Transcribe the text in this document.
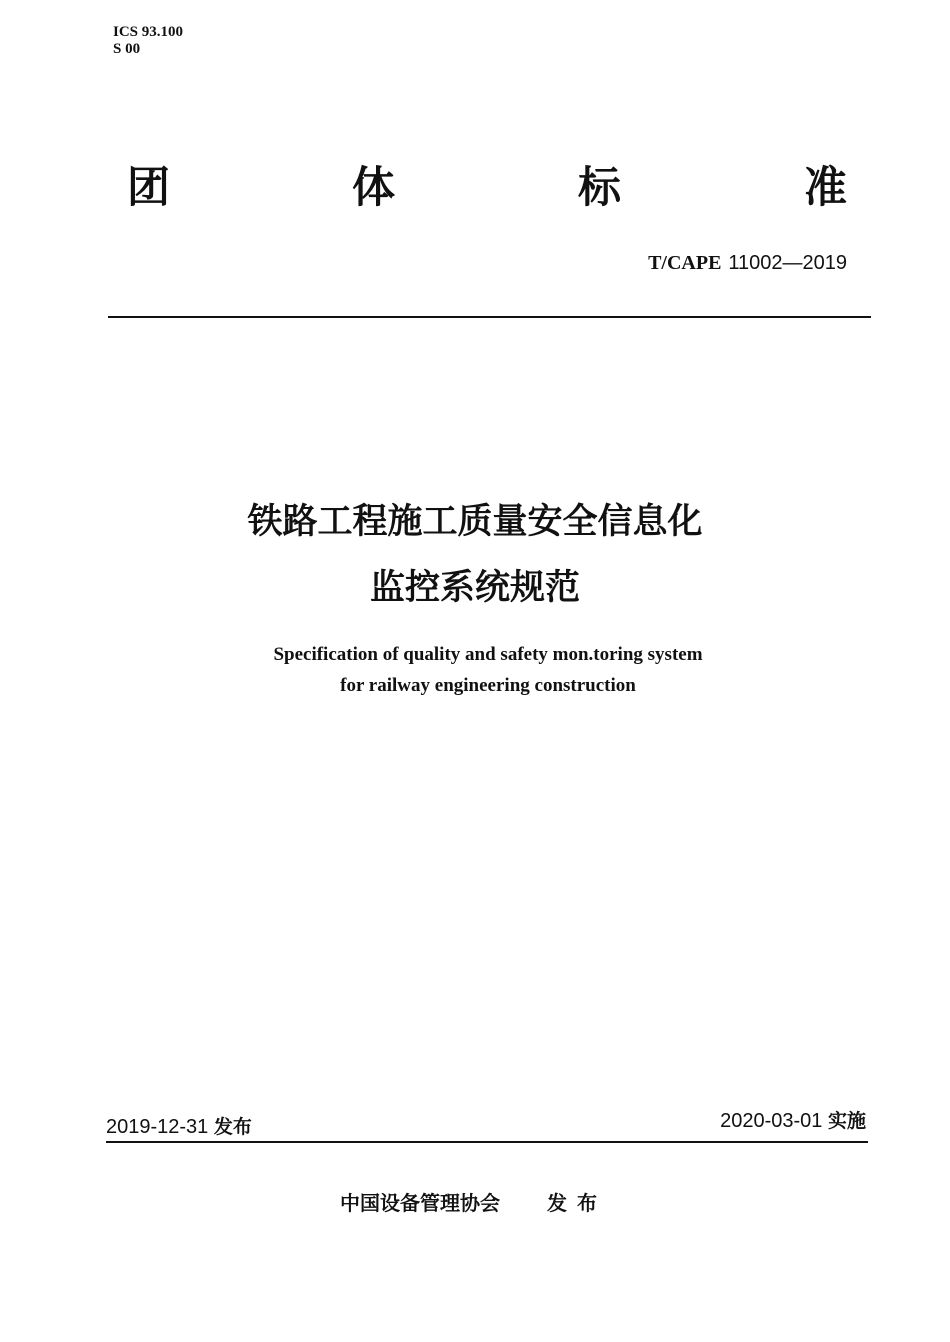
ICS 93.100
S 00
团	体	标	准
T/CAPE 11002—2019
铁路工程施工质量安全信息化
监控系统规范
Specification of quality and safety mon.toring system
for railway engineering construction
2019-12-31 发布	2020-03-01 实施
中国设备管理协会 发布
